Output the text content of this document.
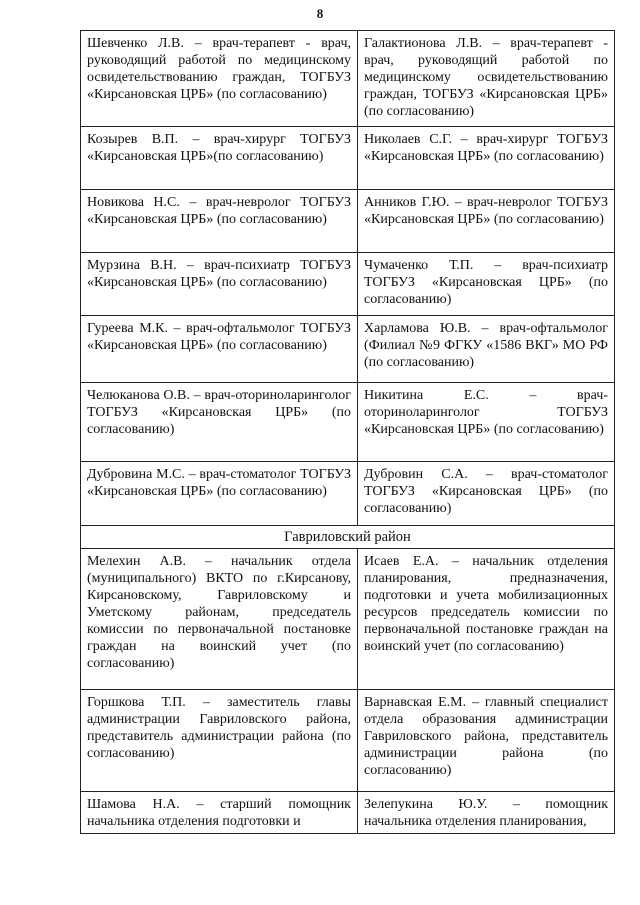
8
Шевченко Л.В. – врач-терапевт - врач, руководящий работой по медицинскому освидетельствованию граждан, ТОГБУЗ «Кирсановская ЦРБ» (по согласованию)	Галактионова Л.В. – врач-терапевт - врач, руководящий работой по медицинскому освидетельствованию граждан, ТОГБУЗ «Кирсановская ЦРБ» (по согласованию)
Козырев В.П. – врач-хирург ТОГБУЗ «Кирсановская ЦРБ»(по согласованию)	Николаев С.Г. – врач-хирург ТОГБУЗ «Кирсановская ЦРБ» (по согласованию)
Новикова Н.С. – врач-невролог ТОГБУЗ «Кирсановская ЦРБ» (по согласованию)	Анников Г.Ю. – врач-невролог ТОГБУЗ «Кирсановская ЦРБ» (по согласованию)
Мурзина В.Н. – врач-психиатр ТОГБУЗ «Кирсановская ЦРБ» (по согласованию)	Чумаченко Т.П. – врач-психиатр ТОГБУЗ «Кирсановская ЦРБ» (по согласованию)
Гуреева М.К. – врач-офтальмолог ТОГБУЗ «Кирсановская ЦРБ» (по согласованию)	Харламова Ю.В. – врач-офтальмолог (Филиал №9 ФГКУ «1586 ВКГ» МО РФ (по согласованию)
Челюканова О.В. – врач-оториноларинголог ТОГБУЗ «Кирсановская ЦРБ» (по согласованию)	Никитина Е.С. – врач-оториноларинголог ТОГБУЗ «Кирсановская ЦРБ» (по согласованию)
Дубровина М.С. – врач-стоматолог ТОГБУЗ «Кирсановская ЦРБ» (по согласованию)	Дубровин С.А. – врач-стоматолог ТОГБУЗ «Кирсановская ЦРБ» (по согласованию)
Гавриловский район	
Мелехин А.В. – начальник отдела (муниципального) ВКТО по г.Кирсанову, Кирсановскому, Гавриловскому и Уметскому районам, председатель комиссии по первоначальной постановке граждан на воинский учет (по согласованию)	Исаев Е.А. – начальник отделения планирования, предназначения, подготовки и учета мобилизационных ресурсов председатель комиссии по первоначальной постановке граждан на воинский учет (по согласованию)
Горшкова Т.П. – заместитель главы администрации Гавриловского района, представитель администрации района (по согласованию)	Варнавская Е.М. – главный специалист отдела образования администрации Гавриловского района, представитель администрации района (по согласованию)
Шамова Н.А. – старший помощник начальника отделения подготовки и	Зелепукина Ю.У. – помощник начальника отделения планирования,
